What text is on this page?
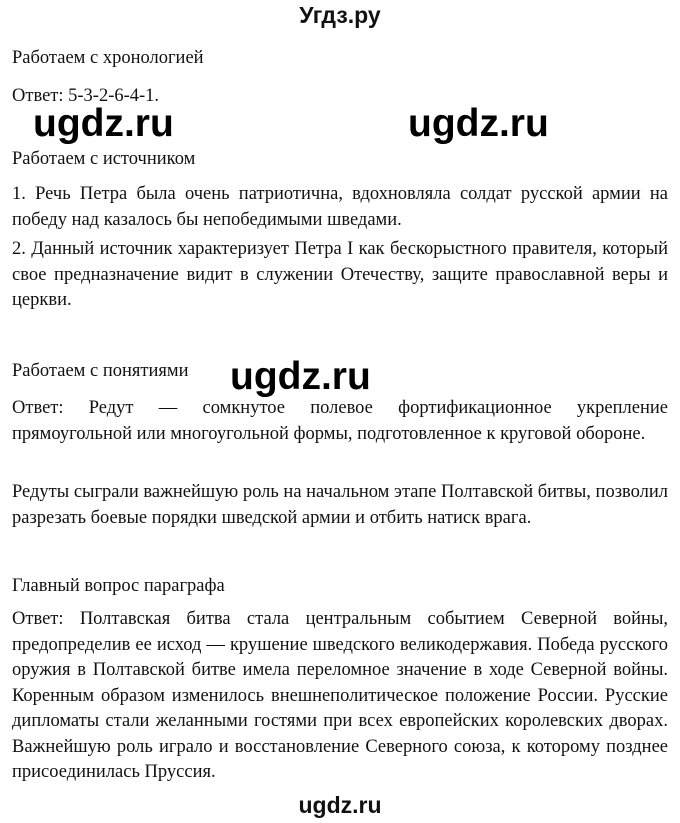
Угдз.ру
Работаем с хронологией
Ответ: 5-3-2-6-4-1.
ugdz.ru	ugdz.ru
Работаем с источником
1. Речь Петра была очень патриотична, вдохновляла солдат русской армии на победу над казалось бы непобедимыми шведами.
2. Данный источник характеризует Петра I как бескорыстного правителя, который свое предназначение видит в служении Отечеству, защите православной веры и церкви.
Работаем с понятиями ugdz.ru
Ответ: Редут — сомкнутое полевое фортификационное укрепление прямоугольной или многоугольной формы, подготовленное к круговой обороне.
Редуты сыграли важнейшую роль на начальном этапе Полтавской битвы, позволил разрезать боевые порядки шведской армии и отбить натиск врага.
Главный вопрос параграфа
Ответ: Полтавская битва стала центральным событием Северной войны, предопределив ее исход — крушение шведского великодержавия. Победа русского оружия в Полтавской битве имела переломное значение в ходе Северной войны. Коренным образом изменилось внешнеполитическое положение России. Русские дипломаты стали желанными гостями при всех европейских королевских дворах. Важнейшую роль играло и восстановление Северного союза, к которому позднее присоединилась Пруссия.
ugdz.ru
